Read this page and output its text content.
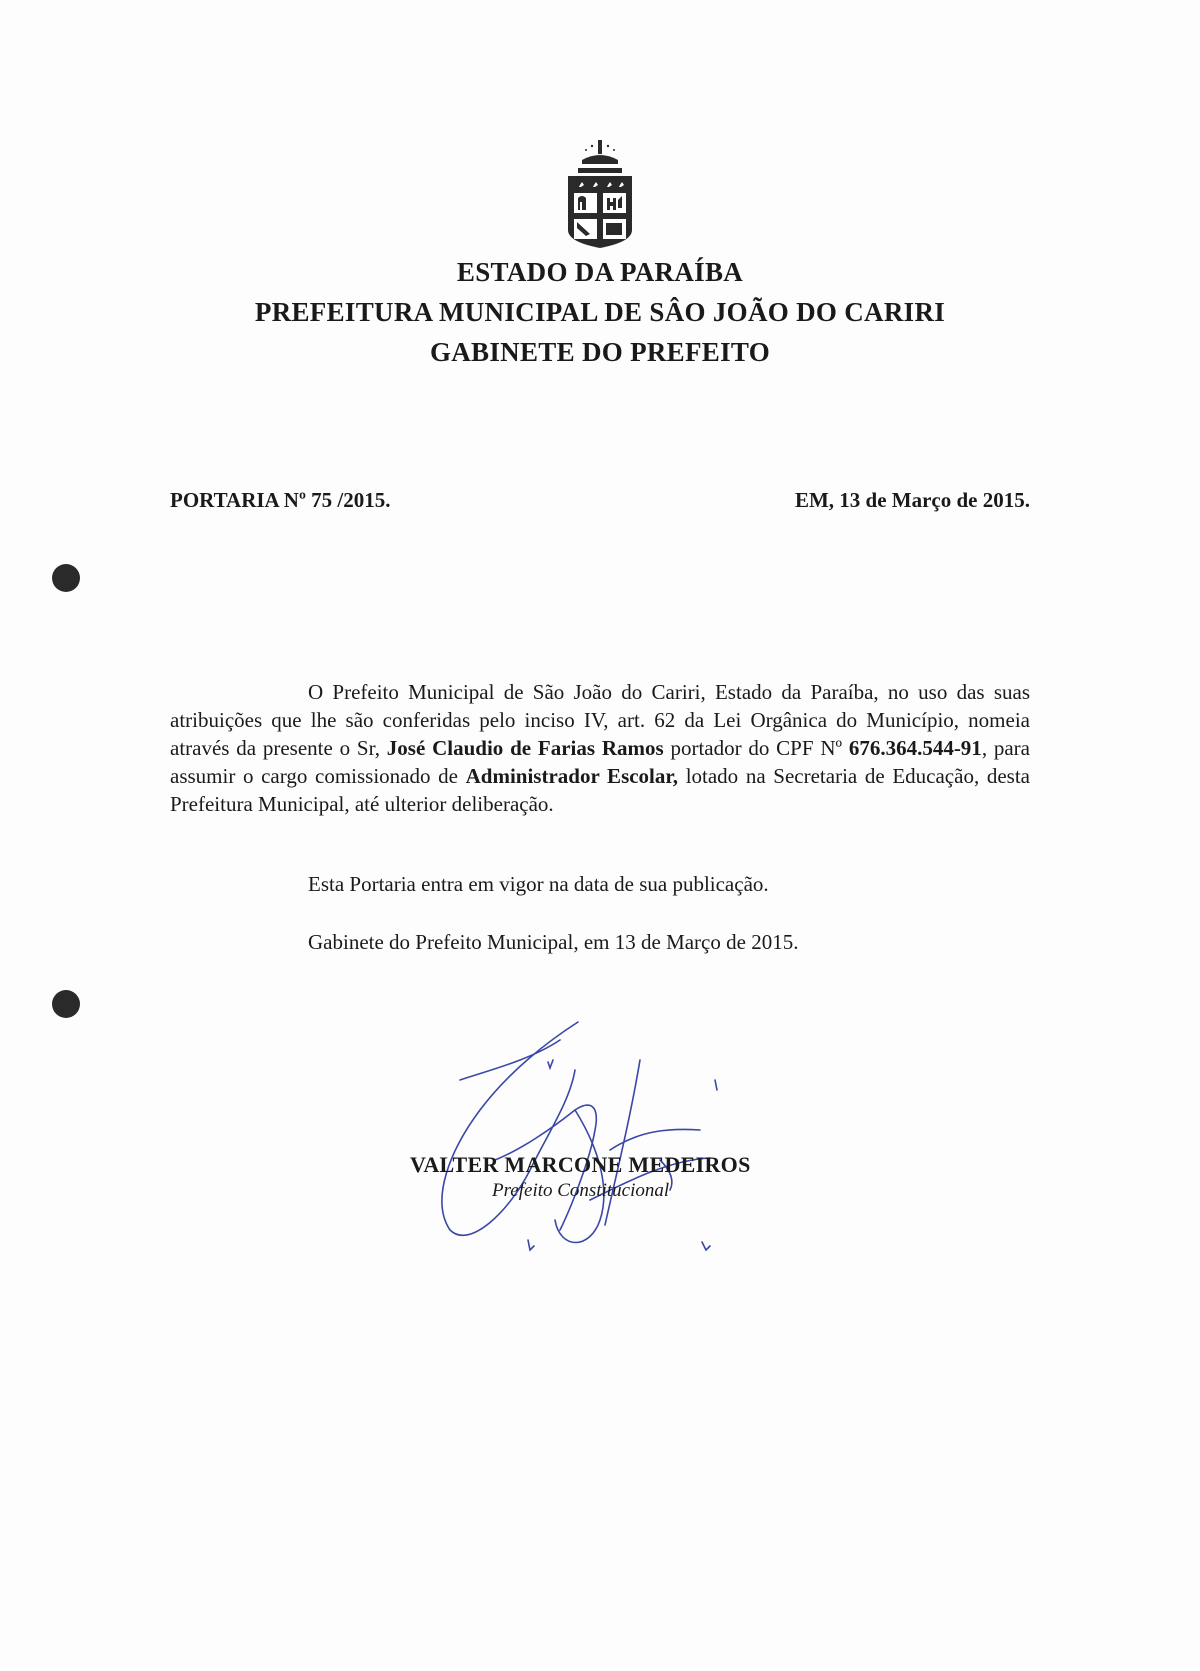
ESTADO DA PARAÍBA
PREFEITURA MUNICIPAL DE SÂO JOÃO DO CARIRI
GABINETE DO PREFEITO
PORTARIA Nº 75 /2015.	EM, 13 de Março de 2015.
O Prefeito Municipal de São João do Cariri, Estado da Paraíba, no uso das suas atribuições que lhe são conferidas pelo inciso IV, art. 62 da Lei Orgânica do Município, nomeia através da presente o Sr, José Claudio de Farias Ramos portador do CPF Nº 676.364.544-91, para assumir o cargo comissionado de Administrador Escolar, lotado na Secretaria de Educação, desta Prefeitura Municipal, até ulterior deliberação.
Esta Portaria entra em vigor na data de sua publicação.
Gabinete do Prefeito Municipal, em 13 de Março de 2015.
VALTER MARCONE MEDEIROS
Prefeito Constitucional
